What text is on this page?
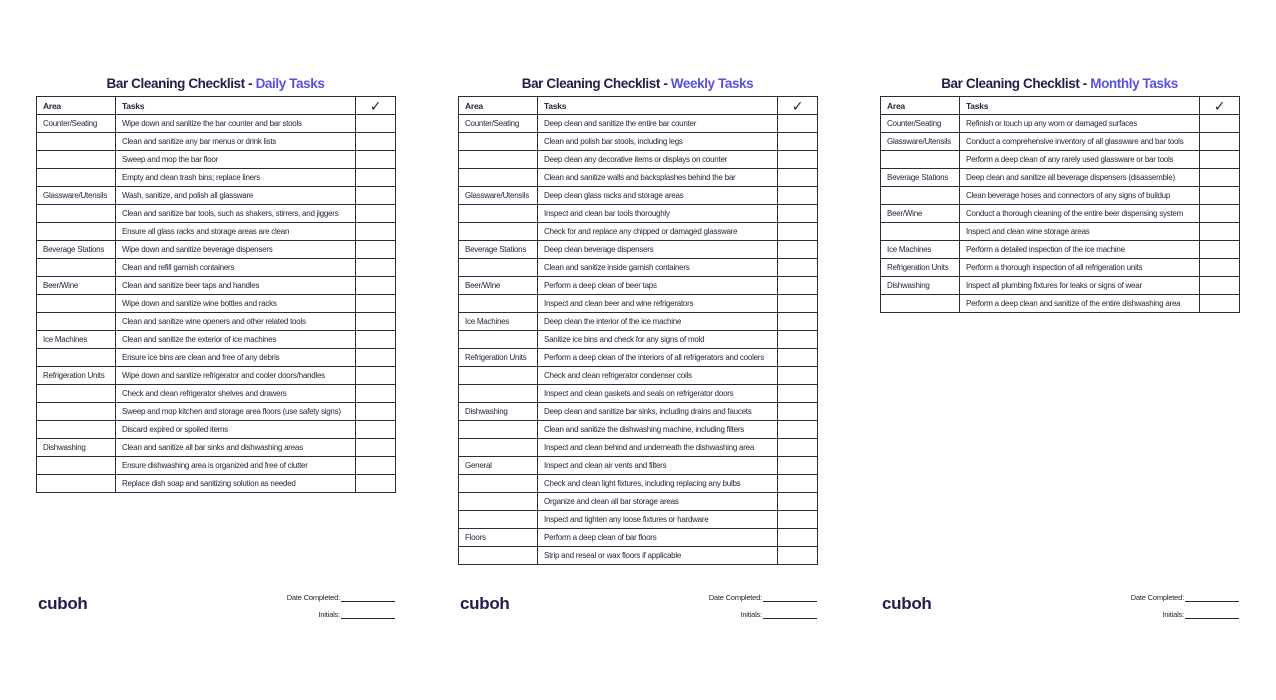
Bar Cleaning Checklist - Daily Tasks
Area	Tasks	✓
Counter/Seating	Wipe down and sanitize the bar counter and bar stools	
	Clean and sanitize any bar menus or drink lists	
	Sweep and mop the bar floor	
	Empty and clean trash bins; replace liners	
Glassware/Utensils	Wash, sanitize, and polish all glassware	
	Clean and sanitize bar tools, such as shakers, stirrers, and jiggers	
	Ensure all glass racks and storage areas are clean	
Beverage Stations	Wipe down and sanitize beverage dispensers	
	Clean and refill garnish containers	
Beer/Wine	Clean and sanitize beer taps and handles	
	Wipe down and sanitize wine bottles and racks	
	Clean and sanitize wine openers and other related tools	
Ice Machines	Clean and sanitize the exterior of ice machines	
	Ensure ice bins are clean and free of any debris	
Refrigeration Units	Wipe down and sanitize refrigerator and cooler doors/handles	
	Check and clean refrigerator shelves and drawers	
	Sweep and mop kitchen and storage area floors (use safety signs)	
	Discard expired or spoiled items	
Dishwashing	Clean and sanitize all bar sinks and dishwashing areas	
	Ensure dishwashing area is organized and free of clutter	
	Replace dish soap and sanitizing solution as needed	
Bar Cleaning Checklist - Weekly Tasks
Area	Tasks	✓
Counter/Seating	Deep clean and sanitize the entire bar counter	
	Clean and polish bar stools, including legs	
	Deep clean any decorative items or displays on counter	
	Clean and sanitize walls and backsplashes behind the bar	
Glassware/Utensils	Deep clean glass racks and storage areas	
	Inspect and clean bar tools thoroughly	
	Check for and replace any chipped or damaged glassware	
Beverage Stations	Deep clean beverage dispensers	
	Clean and sanitize inside garnish containers	
Beer/Wine	Perform a deep clean of beer taps	
	Inspect and clean beer and wine refrigerators	
Ice Machines	Deep clean the interior of the ice machine	
	Sanitize ice bins and check for any signs of mold	
Refrigeration Units	Perform a deep clean of the interiors of all refrigerators and coolers	
	Check and clean refrigerator condenser coils	
	Inspect and clean gaskets and seals on refrigerator doors	
Dishwashing	Deep clean and sanitize bar sinks, including drains and faucets	
	Clean and sanitize the dishwashing machine, including filters	
	Inspect and clean behind and underneath the dishwashing area	
General	Inspect and clean air vents and filters	
	Check and clean light fixtures, including replacing any bulbs	
	Organize and clean all bar storage areas	
	Inspect and tighten any loose fixtures or hardware	
Floors	Perform a deep clean of bar floors	
	Strip and reseal or wax floors if applicable	
Bar Cleaning Checklist - Monthly Tasks
Area	Tasks	✓
Counter/Seating	Refinish or touch up any worn or damaged surfaces	
Glassware/Utensils	Conduct a comprehensive inventory of all glassware and bar tools	
	Perform a deep clean of any rarely used glassware or bar tools	
Beverage Stations	Deep clean and sanitize all beverage dispensers (disassemble)	
	Clean beverage hoses and connectors of any signs of buildup	
Beer/Wine	Conduct a thorough cleaning of the entire beer dispensing system	
	Inspect and clean wine storage areas	
Ice Machines	Perform a detailed inspection of the ice machine	
Refrigeration Units	Perform a thorough inspection of all refrigeration units	
Dishwashing	Inspect all plumbing fixtures for leaks or signs of wear	
	Perform a deep clean and sanitize of the entire dishwashing area	
cuboh	Date Completed:
Initials:
cuboh	Date Completed:
Initials:
cuboh	Date Completed:
Initials:
